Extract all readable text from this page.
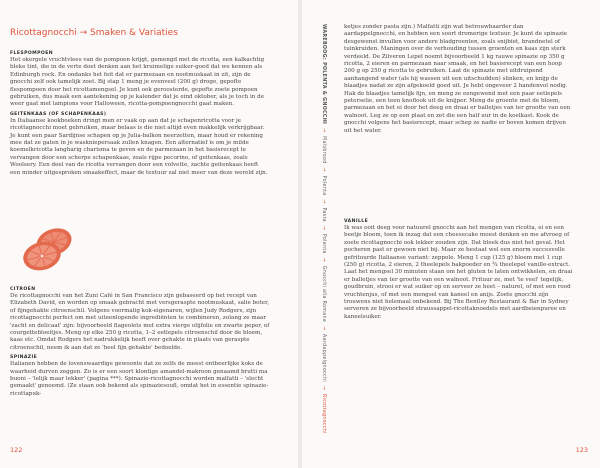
Ricottagnocchi → Smaken & Variaties
FLESPOMPOEN

Het okergele vruchtvlees van de pompoen krijgt, gemengd met de ricotta, een kalkachtig bleke tint, die in de verte doet denken aan het kruimelige suiker-goed dat we kennen als Edinburgh rock. En ondanks het feit dat er parmezaan en nootmuskaat in zit, zijn de gnocchi zelf ook tamelijk zoet. Bij stap 1 meng je evenveel (200 g) droge, gepofte flespompoen door het ricottamengsel. Je kunt ook geroosterde, gepofte zoete pompoen gebruiken, dus maak een aantekening op je kalender dat je eind oktober, als je toch in de weer gaat met lampions voor Halloween, ricotta-pompoengnocchi gaat maken.

GEITENKAAS (OF SCHAPENKAAS)

In Italiaanse kookboeken dringt men er vaak op aan dat je schapenricotta voor je ricottagnocchi moet gebruiken, maar belaas is die niet altijd even makkelijk verkrijgbaar. Je kunt een paar Sardijnse schapen op je Julia-balkon neerzetten, maar houd er rekening mee dat ze gaten in je waskniepersaak zullen knagen. Een alternatief is om je milde koemelkricotta langharig charisma te geven en de parmezaan in het basisrecept te vervangen door een scherpe schapenkaas, zoals rijpe pecorino, of geitenkaas, zoals Woolsery. Een deel van de ricotta vervangen door een volvette, zachte geitenkaas heeft een minder uitgesproken smaakeffect, maar de textuur zal niet meer van deze wereld zijn.

CITROEN

De ricottagnocchi van het Zuni Café in San Francisco zijn gebaseerd op het recept van Elizabeth David, en worden op smaak gebracht met versgeraspte nootmuskaat, salie boter, of fijngehakte citroenschil. Volgens voormalig kok-eigenaren, wijlen Judy Rodgers, zijn ricottagnocchi perfect om met uiteenlopende ingrediënten te combineren, zolang ze maar 'zacht en delicaat' zijn: bijvoorbeeld flageolets met extra vierge olijfolie en zwarte peper, of courgettebloeitjes. Meng op elke 250 g ricotta, 1–2 eetlepels citroenschil door de bloem, kaas etc. Omdat Rodgers het nadrukkelijk heeft over gehakte in plaats van geraspte citroenschil, neem ik aan dat ze 'heel fijn gehakte' bedoelde.

SPINAZIE

Italianen hebben de lovenswaardige gewoonte dat ze zelfs de meest ontbeerlijke koks de waarheid durven zeggen. Zo is er een soort klontige amandel-makroon genaamd brutti ma buoni – 'lelijk maar lekker' (pagina ***). Spinazie-ricottagnocchi worden malfatti – 'slecht gemaakt' genoemd. (Ze staan ook bekend als spinaziesoufl, omdat het in essentie spinazie-ricottapuk-

122
WAREBOOG: POLENTA & GNOCCHI → Maïsbrood → Polenta → Pasta → Polenta → Gnocchi alla Romana → Aardappelgnocchi → Ricottagnocchi

ketjes zonder pasta zijn.) Malfatti zijn wat betrouwbaarder dan aardappelgnocchi, en hebben een soort dromerige textuur. Je kunt de spinazie desgewenst invullen voor andere bladgroenten, zoals snijbiet, brandnetel of tuinkruiden. Maningen over de verhouding tussen groenten en kaas zijn sterk verdeeld. De Zilveren Lepel noemt bijvoorbeeld 1 kg rauwe spinazie op 350 g ricotta, 2 eieren en parmezaan naar smaak, en het basisrecept van een hoop 200 g op 250 g ricotta te gebruiken. Laat de spinazie met uitdruipend aanhangend water (als hij wassen uit een uitschudden) slinken, en knijp de blaadjes nadat ze zijn afgekoeld goed uit. Je hebt ongeveer 2 handenvol nodig. Hak de blaadjes tamelijk fijn, en meng ze eengewend met een paar eetlepels peterselie, een teen knoflook uit de knijper. Meng de groente met de bloem, parmezaan en het ei door het deeg en draai er balletjes van ter grootte van een walnoot. Leg ze op een plaat en zet die een half uur in de koelkast. Kook de gnocchi volgens het basisrecept, maar schep ze nadie er boven komen drijven uit het water.

VANILLE

Ik was ooit deeg voor natuurel gnocchi aan het mengen van ricotta, ei en een beetje bloem, toen ik inzag dat een cheesecake moest denken en me afvroeg of zoete ricottagnocchi ook lekker zouden zijn. Dat bleek dus niet het geval. Het pocheren past er gewoon niet bij. Maar ze bestaat wel een enorm succesvolle gefrituurde Italiaanse variant: zeppole. Meng 1 cup (125 g) bloem met 1 cup (250 g) ricotta, 2 eieren, 2 theelepels bakpoeder en ¾ theelepel vanille-extract. Laat het mengsel 30 minuten staan om het gluten te laten ontwikkelen, en draai er balletjes van ter grootte van een walnoot. Frituur ze, met 'te veel' tegelijk, goudbruin, strooi er wat suiker op en serveer ze heet – naturel, of met een rood vruchtenjus, of met een mengsel van kaneel en anijs. Zoete gnocchi zijn trouwens niet helemaal onbekend. Bij The Bentley Restaurant & Bar in Sydney serveren ze bijvoorbeeld straussappel-ricottaknoedels met aardbeienpuree en kaneelsuiker.

123
